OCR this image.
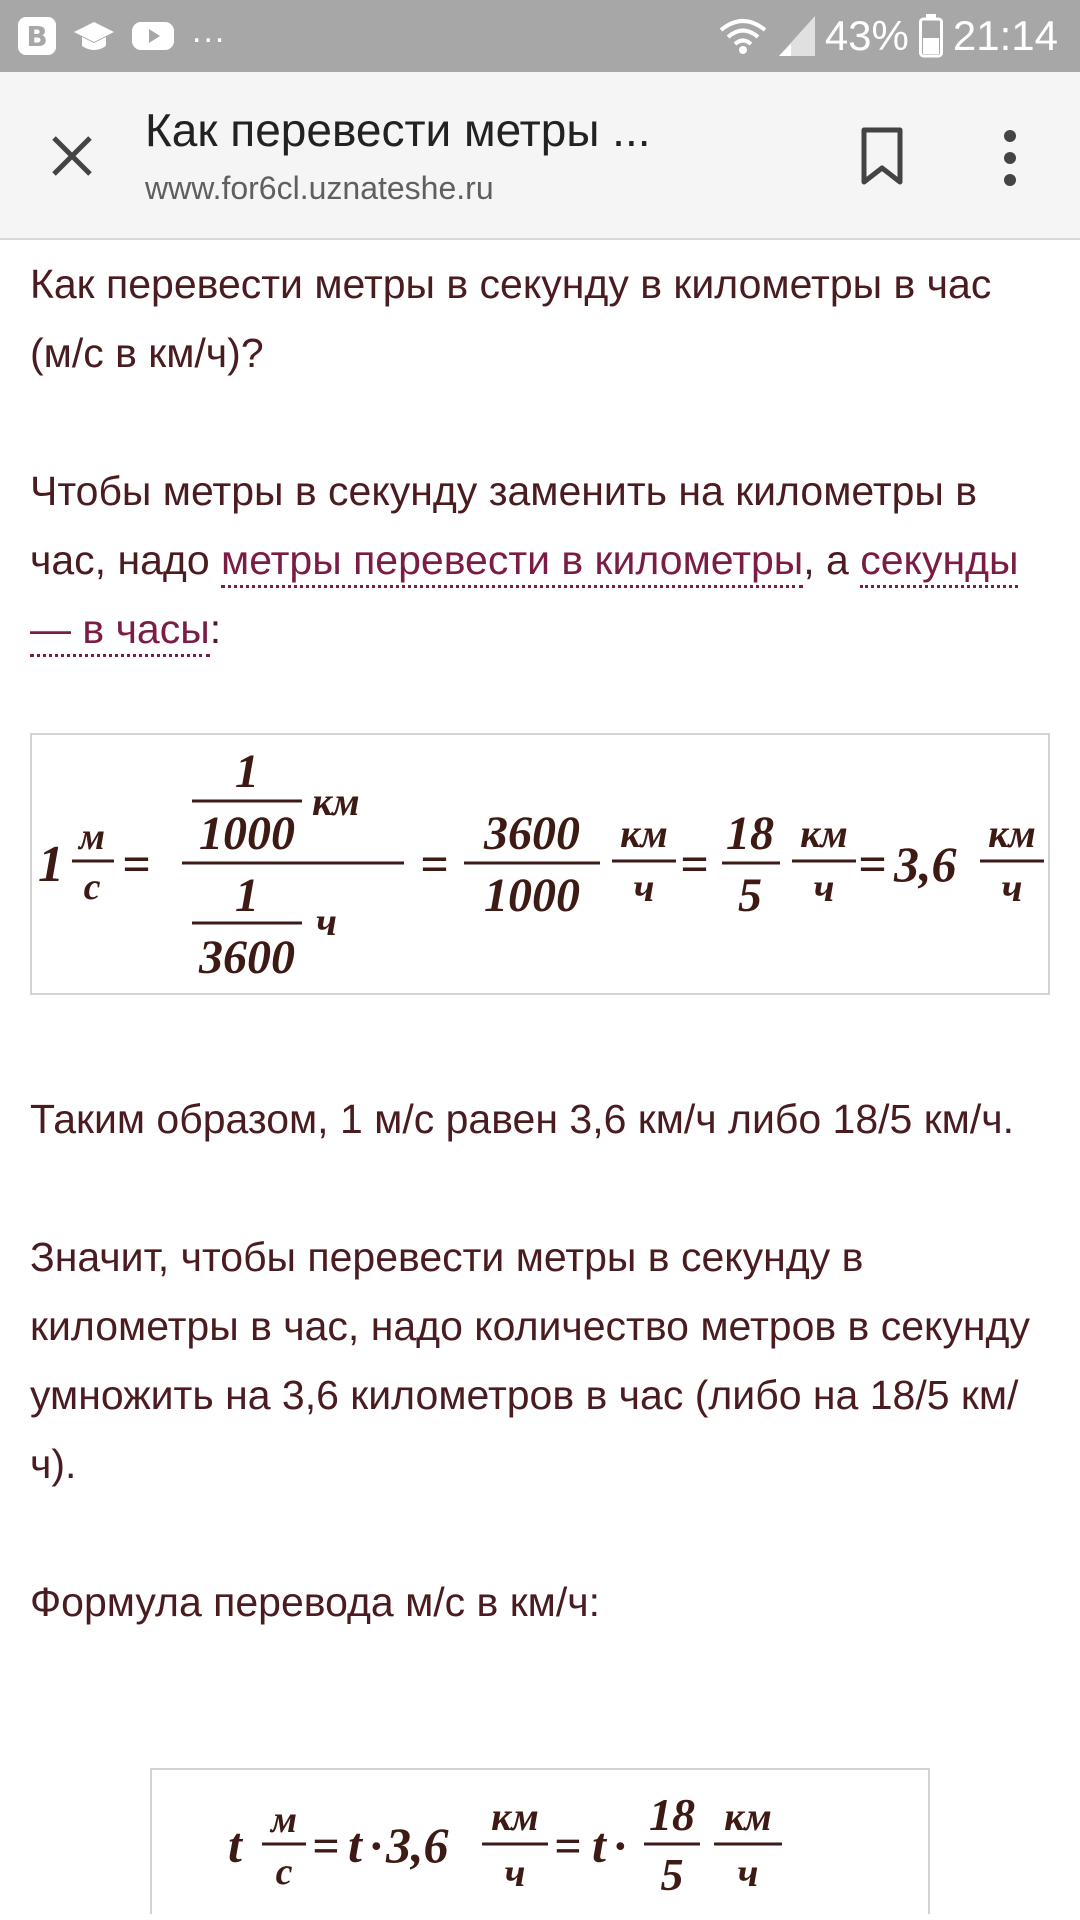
В	...	43% 21:14
Как перевести метры ...
www.for6cl.uznateshe.ru

Как перевести метры в секунду в километры в час (м/с в км/ч)?

Чтобы метры в секунду заменить на километры в час, надо метры перевести в километры, а секунды — в часы:

1 м
с =
1
1000
км
1
3600
ч
=
3600
1000
км
ч =
18
5
км
ч = 3,6
км
ч

Таким образом, 1 м/с равен 3,6 км/ч либо 18/5 км/ч.

Значит, чтобы перевести метры в секунду в километры в час, надо количество метров в секунду умножить на 3,6 километров в час (либо на 18/5 км/ч).

Формула перевода м/с в км/ч:

t м
с = t · 3,6
км
ч = t ·
18
5
км
ч
